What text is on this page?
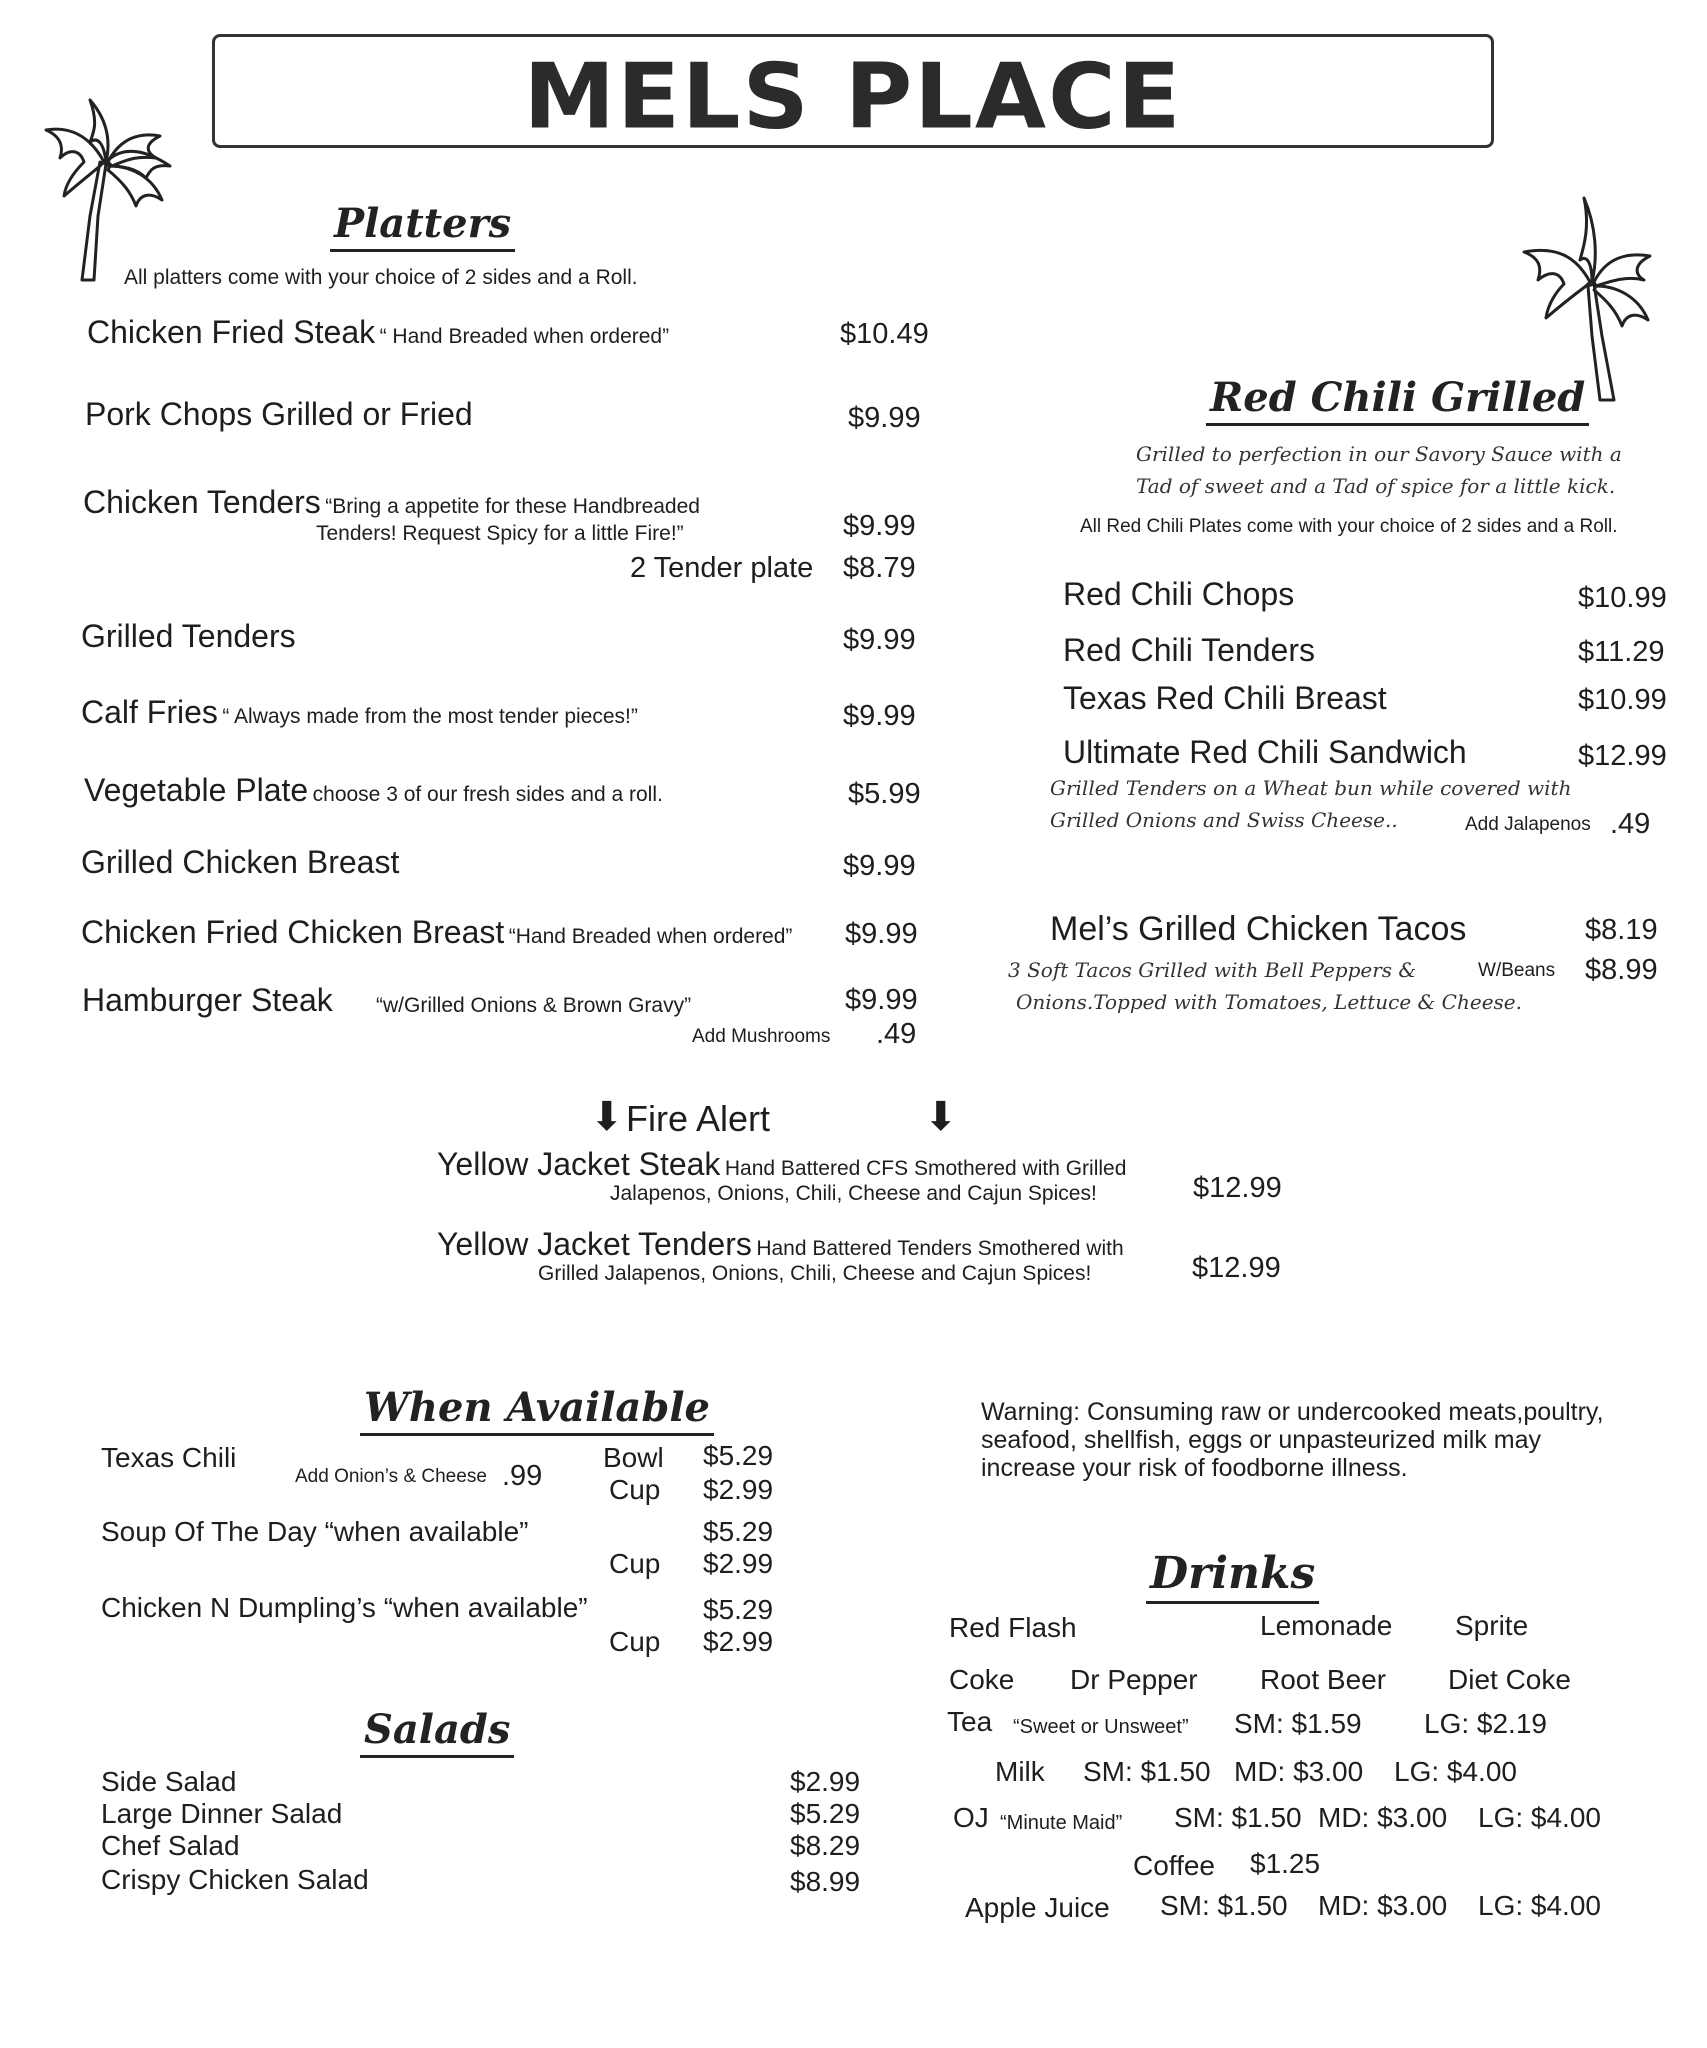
MELS PLACE
Platters
All platters come with your choice of 2 sides and a Roll.
Chicken Fried Steak “ Hand Breaded when ordered”	$10.49
Pork Chops Grilled or Fried	$9.99
Chicken Tenders “Bring a appetite for these Handbreaded
Tenders! Request Spicy for a little Fire!”	$9.99
2 Tender plate $8.79
Grilled Tenders	$9.99
Calf Fries “ Always made from the most tender pieces!”	$9.99
Vegetable Plate choose 3 of our fresh sides and a roll.	$5.99
Grilled Chicken Breast	$9.99
Chicken Fried Chicken Breast “Hand Breaded when ordered” $9.99
Hamburger Steak “w/Grilled Onions & Brown Gravy”	$9.99
Add Mushrooms .49
Red Chili Grilled
Grilled to perfection in our Savory Sauce with a
Tad of sweet and a Tad of spice for a little kick.
All Red Chili Plates come with your choice of 2 sides and a Roll.
Red Chili Chops	$10.99
Red Chili Tenders	$11.29
Texas Red Chili Breast	$10.99
Ultimate Red Chili Sandwich	$12.99
Grilled Tenders on a Wheat bun while covered with
Grilled Onions and Swiss Cheese..	Add Jalapenos .49
Mel’s Grilled Chicken Tacos	$8.19
3 Soft Tacos Grilled with Bell Peppers &	W/Beans $8.99
Onions.Topped with Tomatoes, Lettuce & Cheese.
⬇	⬇
Fire Alert
Yellow Jacket Steak Hand Battered CFS Smothered with Grilled
Jalapenos, Onions, Chili, Cheese and Cajun Spices!	$12.99
Yellow Jacket Tenders Hand Battered Tenders Smothered with
Grilled Jalapenos, Onions, Chili, Cheese and Cajun Spices!	$12.99
When Available
Texas Chili
Add Onion’s & Cheese .99
Bowl $5.29
Cup $2.99
Soup Of The Day “when available”	$5.29
Cup $2.99
Chicken N Dumpling’s “when available”	$5.29
Cup $2.99
Salads
Side Salad	$2.99
Large Dinner Salad	$5.29
Chef Salad	$8.29
Crispy Chicken Salad	$8.99
Warning: Consuming raw or undercooked meats,poultry,
seafood, shellfish, eggs or unpasteurized milk may
increase your risk of foodborne illness.
Drinks
Red Flash	Lemonade Sprite
Coke Dr Pepper Root Beer Diet Coke
Tea “Sweet or Unsweet” SM: $1.59 LG: $2.19
Milk SM: $1.50 MD: $3.00 LG: $4.00
OJ “Minute Maid” SM: $1.50 MD: $3.00 LG: $4.00
Coffee $1.25
Apple Juice SM: $1.50 MD: $3.00 LG: $4.00
